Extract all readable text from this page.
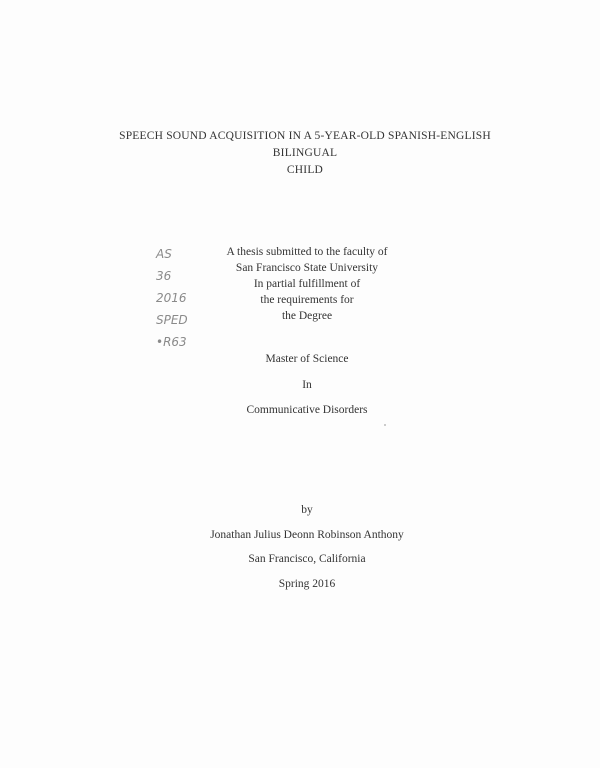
SPEECH SOUND ACQUISITION IN A 5-YEAR-OLD SPANISH-ENGLISH BILINGUAL
CHILD
AS
36
2016
SPED
•R63
A thesis submitted to the faculty of
San Francisco State University
In partial fulfillment of
the requirements for
the Degree
Master of Science
In
Communicative Disorders
by
Jonathan Julius Deonn Robinson Anthony
San Francisco, California
Spring 2016
